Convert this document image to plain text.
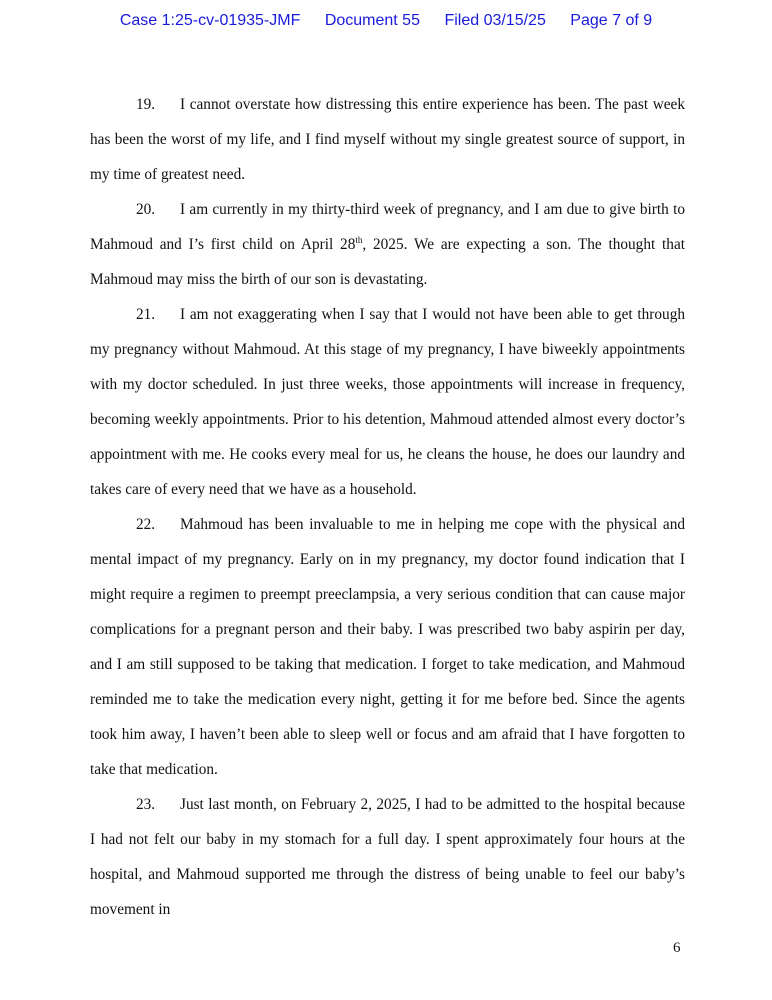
Case 1:25-cv-01935-JMF Document 55 Filed 03/15/25 Page 7 of 9

19. I cannot overstate how distressing this entire experience has been. The past week has been the worst of my life, and I find myself without my single greatest source of support, in my time of greatest need.

20. I am currently in my thirty-third week of pregnancy, and I am due to give birth to Mahmoud and I’s first child on April 28th, 2025. We are expecting a son. The thought that Mahmoud may miss the birth of our son is devastating.

21. I am not exaggerating when I say that I would not have been able to get through my pregnancy without Mahmoud. At this stage of my pregnancy, I have biweekly appointments with my doctor scheduled. In just three weeks, those appointments will increase in frequency, becoming weekly appointments. Prior to his detention, Mahmoud attended almost every doctor’s appointment with me. He cooks every meal for us, he cleans the house, he does our laundry and takes care of every need that we have as a household.

22. Mahmoud has been invaluable to me in helping me cope with the physical and mental impact of my pregnancy. Early on in my pregnancy, my doctor found indication that I might require a regimen to preempt preeclampsia, a very serious condition that can cause major complications for a pregnant person and their baby. I was prescribed two baby aspirin per day, and I am still supposed to be taking that medication. I forget to take medication, and Mahmoud reminded me to take the medication every night, getting it for me before bed. Since the agents took him away, I haven’t been able to sleep well or focus and am afraid that I have forgotten to take that medication.

23. Just last month, on February 2, 2025, I had to be admitted to the hospital because I had not felt our baby in my stomach for a full day. I spent approximately four hours at the hospital, and Mahmoud supported me through the distress of being unable to feel our baby’s movement in

6
